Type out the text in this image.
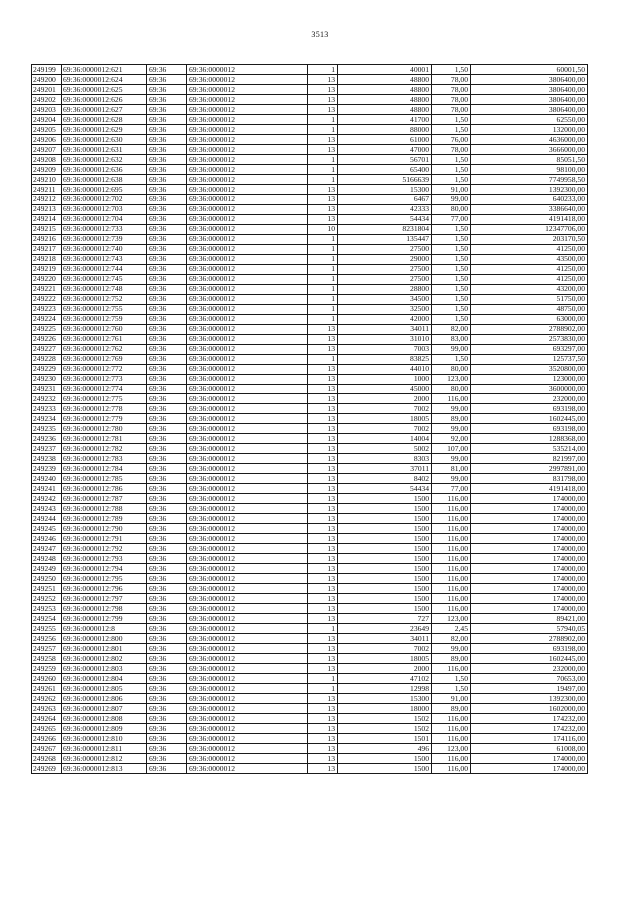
3513
249199	69:36:0000012:621	69:36	69:36:0000012	1	40001	1,50	60001,50
249200	69:36:0000012:624	69:36	69:36:0000012	13	48800	78,00	3806400,00
249201	69:36:0000012:625	69:36	69:36:0000012	13	48800	78,00	3806400,00
249202	69:36:0000012:626	69:36	69:36:0000012	13	48800	78,00	3806400,00
249203	69:36:0000012:627	69:36	69:36:0000012	13	48800	78,00	3806400,00
249204	69:36:0000012:628	69:36	69:36:0000012	1	41700	1,50	62550,00
249205	69:36:0000012:629	69:36	69:36:0000012	1	88000	1,50	132000,00
249206	69:36:0000012:630	69:36	69:36:0000012	13	61000	76,00	4636000,00
249207	69:36:0000012:631	69:36	69:36:0000012	13	47000	78,00	3666000,00
249208	69:36:0000012:632	69:36	69:36:0000012	1	56701	1,50	85051,50
249209	69:36:0000012:636	69:36	69:36:0000012	1	65400	1,50	98100,00
249210	69:36:0000012:638	69:36	69:36:0000012	1	5166639	1,50	7749958,50
249211	69:36:0000012:695	69:36	69:36:0000012	13	15300	91,00	1392300,00
249212	69:36:0000012:702	69:36	69:36:0000012	13	6467	99,00	640233,00
249213	69:36:0000012:703	69:36	69:36:0000012	13	42333	80,00	3386640,00
249214	69:36:0000012:704	69:36	69:36:0000012	13	54434	77,00	4191418,00
249215	69:36:0000012:733	69:36	69:36:0000012	10	8231804	1,50	12347706,00
249216	69:36:0000012:739	69:36	69:36:0000012	1	135447	1,50	203170,50
249217	69:36:0000012:740	69:36	69:36:0000012	1	27500	1,50	41250,00
249218	69:36:0000012:743	69:36	69:36:0000012	1	29000	1,50	43500,00
249219	69:36:0000012:744	69:36	69:36:0000012	1	27500	1,50	41250,00
249220	69:36:0000012:745	69:36	69:36:0000012	1	27500	1,50	41250,00
249221	69:36:0000012:748	69:36	69:36:0000012	1	28800	1,50	43200,00
249222	69:36:0000012:752	69:36	69:36:0000012	1	34500	1,50	51750,00
249223	69:36:0000012:755	69:36	69:36:0000012	1	32500	1,50	48750,00
249224	69:36:0000012:759	69:36	69:36:0000012	1	42000	1,50	63000,00
249225	69:36:0000012:760	69:36	69:36:0000012	13	34011	82,00	2788902,00
249226	69:36:0000012:761	69:36	69:36:0000012	13	31010	83,00	2573830,00
249227	69:36:0000012:762	69:36	69:36:0000012	13	7003	99,00	693297,00
249228	69:36:0000012:769	69:36	69:36:0000012	1	83825	1,50	125737,50
249229	69:36:0000012:772	69:36	69:36:0000012	13	44010	80,00	3520800,00
249230	69:36:0000012:773	69:36	69:36:0000012	13	1000	123,00	123000,00
249231	69:36:0000012:774	69:36	69:36:0000012	13	45000	80,00	3600000,00
249232	69:36:0000012:775	69:36	69:36:0000012	13	2000	116,00	232000,00
249233	69:36:0000012:778	69:36	69:36:0000012	13	7002	99,00	693198,00
249234	69:36:0000012:779	69:36	69:36:0000012	13	18005	89,00	1602445,00
249235	69:36:0000012:780	69:36	69:36:0000012	13	7002	99,00	693198,00
249236	69:36:0000012:781	69:36	69:36:0000012	13	14004	92,00	1288368,00
249237	69:36:0000012:782	69:36	69:36:0000012	13	5002	107,00	535214,00
249238	69:36:0000012:783	69:36	69:36:0000012	13	8303	99,00	821997,00
249239	69:36:0000012:784	69:36	69:36:0000012	13	37011	81,00	2997891,00
249240	69:36:0000012:785	69:36	69:36:0000012	13	8402	99,00	831798,00
249241	69:36:0000012:786	69:36	69:36:0000012	13	54434	77,00	4191418,00
249242	69:36:0000012:787	69:36	69:36:0000012	13	1500	116,00	174000,00
249243	69:36:0000012:788	69:36	69:36:0000012	13	1500	116,00	174000,00
249244	69:36:0000012:789	69:36	69:36:0000012	13	1500	116,00	174000,00
249245	69:36:0000012:790	69:36	69:36:0000012	13	1500	116,00	174000,00
249246	69:36:0000012:791	69:36	69:36:0000012	13	1500	116,00	174000,00
249247	69:36:0000012:792	69:36	69:36:0000012	13	1500	116,00	174000,00
249248	69:36:0000012:793	69:36	69:36:0000012	13	1500	116,00	174000,00
249249	69:36:0000012:794	69:36	69:36:0000012	13	1500	116,00	174000,00
249250	69:36:0000012:795	69:36	69:36:0000012	13	1500	116,00	174000,00
249251	69:36:0000012:796	69:36	69:36:0000012	13	1500	116,00	174000,00
249252	69:36:0000012:797	69:36	69:36:0000012	13	1500	116,00	174000,00
249253	69:36:0000012:798	69:36	69:36:0000012	13	1500	116,00	174000,00
249254	69:36:0000012:799	69:36	69:36:0000012	13	727	123,00	89421,00
249255	69:36:0000012:8	69:36	69:36:0000012	1	23649	2,45	57940,05
249256	69:36:0000012:800	69:36	69:36:0000012	13	34011	82,00	2788902,00
249257	69:36:0000012:801	69:36	69:36:0000012	13	7002	99,00	693198,00
249258	69:36:0000012:802	69:36	69:36:0000012	13	18005	89,00	1602445,00
249259	69:36:0000012:803	69:36	69:36:0000012	13	2000	116,00	232000,00
249260	69:36:0000012:804	69:36	69:36:0000012	1	47102	1,50	70653,00
249261	69:36:0000012:805	69:36	69:36:0000012	1	12998	1,50	19497,00
249262	69:36:0000012:806	69:36	69:36:0000012	13	15300	91,00	1392300,00
249263	69:36:0000012:807	69:36	69:36:0000012	13	18000	89,00	1602000,00
249264	69:36:0000012:808	69:36	69:36:0000012	13	1502	116,00	174232,00
249265	69:36:0000012:809	69:36	69:36:0000012	13	1502	116,00	174232,00
249266	69:36:0000012:810	69:36	69:36:0000012	13	1501	116,00	174116,00
249267	69:36:0000012:811	69:36	69:36:0000012	13	496	123,00	61008,00
249268	69:36:0000012:812	69:36	69:36:0000012	13	1500	116,00	174000,00
249269	69:36:0000012:813	69:36	69:36:0000012	13	1500	116,00	174000,00
